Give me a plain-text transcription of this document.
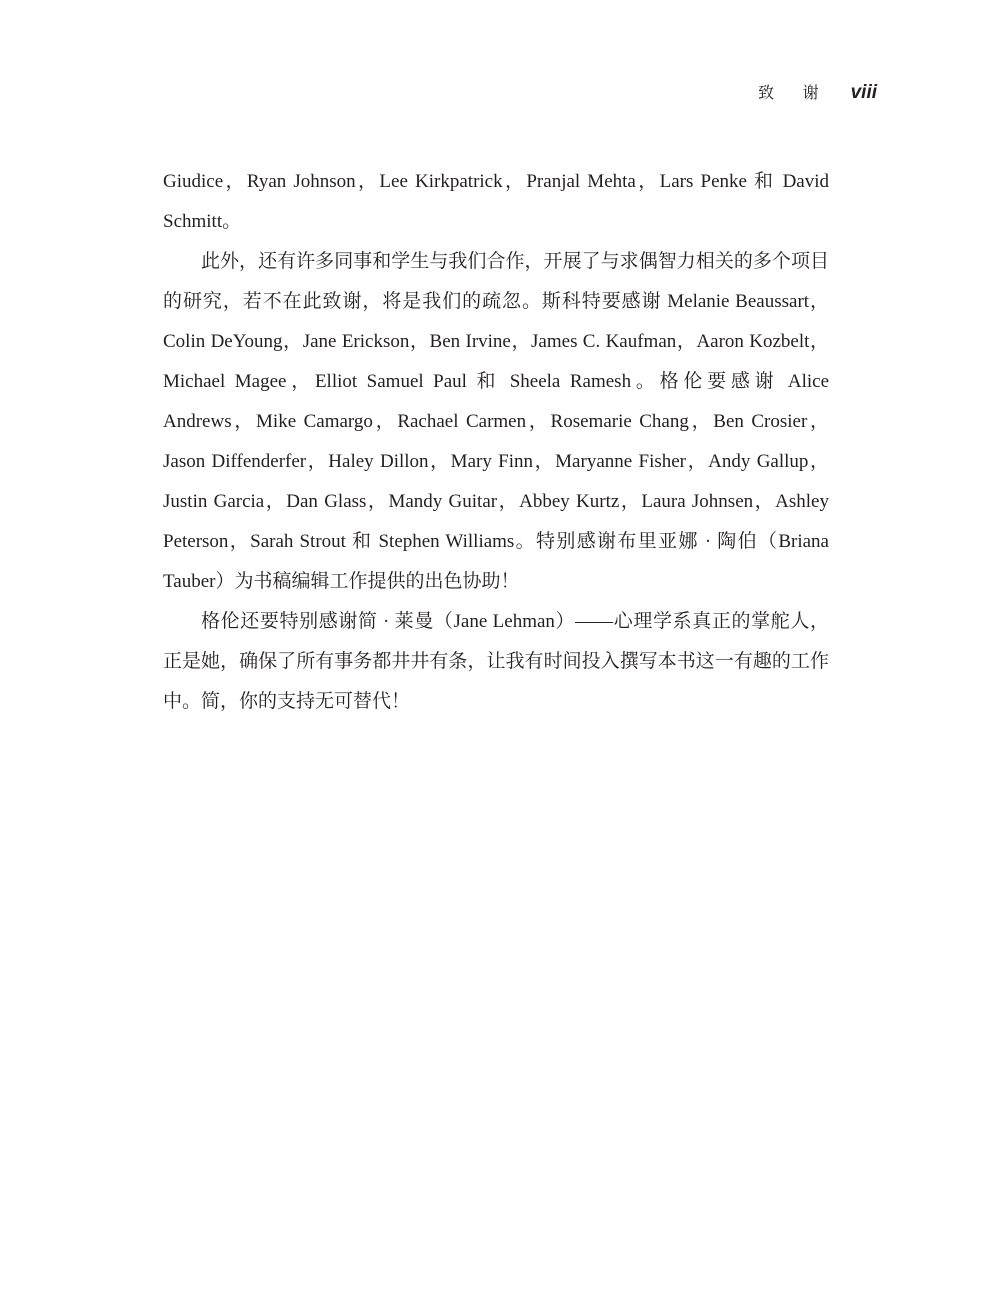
致 谢 viii

Giudice，Ryan Johnson，Lee Kirkpatrick，Pranjal Mehta，Lars Penke 和 David Schmitt。

此外，还有许多同事和学生与我们合作，开展了与求偶智力相关的多个项目的研究，若不在此致谢，将是我们的疏忽。斯科特要感谢 Melanie Beaussart，Colin DeYoung，Jane Erickson，Ben Irvine，James C. Kaufman，Aaron Kozbelt，Michael Magee，Elliot Samuel Paul 和 Sheela Ramesh。格伦要感谢 Alice Andrews，Mike Camargo，Rachael Carmen，Rosemarie Chang，Ben Crosier，Jason Diffenderfer，Haley Dillon，Mary Finn，Maryanne Fisher，Andy Gallup，Justin Garcia，Dan Glass，Mandy Guitar，Abbey Kurtz，Laura Johnsen，Ashley Peterson，Sarah Strout 和 Stephen Williams。特别感谢布里亚娜 · 陶伯（Briana Tauber）为书稿编辑工作提供的出色协助！

格伦还要特别感谢简 · 莱曼（Jane Lehman）——心理学系真正的掌舵人，正是她，确保了所有事务都井井有条，让我有时间投入撰写本书这一有趣的工作中。简，你的支持无可替代！
